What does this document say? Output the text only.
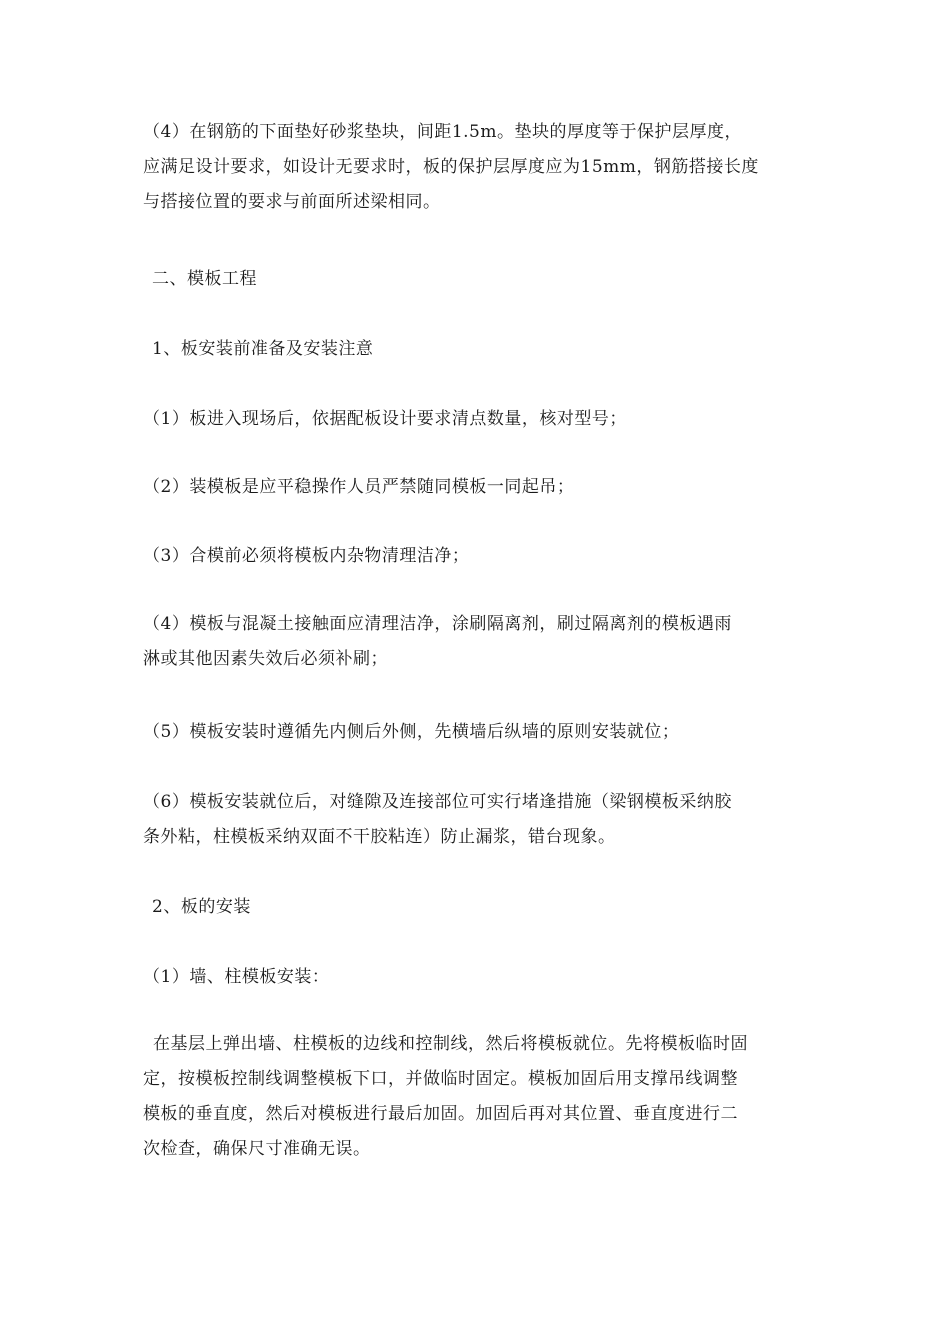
（4）在钢筋的下面垫好砂浆垫块，间距1.5m。垫块的厚度等于保护层厚度，
应满足设计要求，如设计无要求时，板的保护层厚度应为15mm，钢筋搭接长度
与搭接位置的要求与前面所述梁相同。
二、模板工程
1、板安装前准备及安装注意
（1）板进入现场后，依据配板设计要求清点数量，核对型号；
（2）装模板是应平稳操作人员严禁随同模板一同起吊；
（3）合模前必须将模板内杂物清理洁净；
（4）模板与混凝土接触面应清理洁净，涂刷隔离剂，刷过隔离剂的模板遇雨
淋或其他因素失效后必须补刷；
（5）模板安装时遵循先内侧后外侧，先横墙后纵墙的原则安装就位；
（6）模板安装就位后，对缝隙及连接部位可实行堵逢措施（梁钢模板采纳胶
条外粘，柱模板采纳双面不干胶粘连）防止漏浆，错台现象。
2、板的安装
（1）墙、柱模板安装：
在基层上弹出墙、柱模板的边线和控制线，然后将模板就位。先将模板临时固
定，按模板控制线调整模板下口，并做临时固定。模板加固后用支撑吊线调整
模板的垂直度，然后对模板进行最后加固。加固后再对其位置、垂直度进行二
次检查，确保尺寸准确无误。
